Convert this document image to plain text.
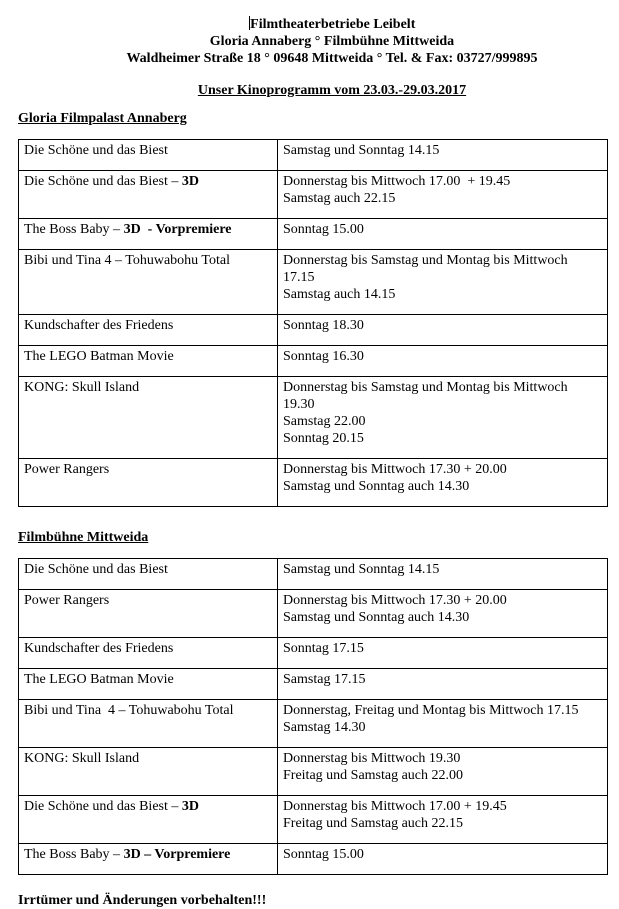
Filmtheaterbetriebe Leibelt
Gloria Annaberg ° Filmbühne Mittweida
Waldheimer Straße 18 ° 09648 Mittweida ° Tel. & Fax: 03727/999895
Unser Kinoprogramm vom 23.03.-29.03.2017
Gloria Filmpalast Annaberg
Die Schöne und das Biest	Samstag und Sonntag 14.15

Die Schöne und das Biest – 3D	Donnerstag bis Mittwoch 17.00  + 19.45
Samstag auch 22.15

The Boss Baby – 3D  - Vorpremiere	Sonntag 15.00

Bibi und Tina 4 – Tohuwabohu Total	Donnerstag bis Samstag und Montag bis Mittwoch 17.15
Samstag auch 14.15

Kundschafter des Friedens	Sonntag 18.30

The LEGO Batman Movie	Sonntag 16.30

KONG: Skull Island	Donnerstag bis Samstag und Montag bis Mittwoch 19.30
Samstag 22.00
Sonntag 20.15

Power Rangers	Donnerstag bis Mittwoch 17.30 + 20.00
Samstag und Sonntag auch 14.30
Filmbühne Mittweida
Die Schöne und das Biest	Samstag und Sonntag 14.15

Power Rangers	Donnerstag bis Mittwoch 17.30 + 20.00
Samstag und Sonntag auch 14.30

Kundschafter des Friedens	Sonntag 17.15

The LEGO Batman Movie	Samstag 17.15

Bibi und Tina  4 – Tohuwabohu Total	Donnerstag, Freitag und Montag bis Mittwoch 17.15
Samstag 14.30

KONG: Skull Island	Donnerstag bis Mittwoch 19.30
Freitag und Samstag auch 22.00

Die Schöne und das Biest – 3D	Donnerstag bis Mittwoch 17.00 + 19.45
Freitag und Samstag auch 22.15

The Boss Baby – 3D – Vorpremiere	Sonntag 15.00
Irrtümer und Änderungen vorbehalten!!!
